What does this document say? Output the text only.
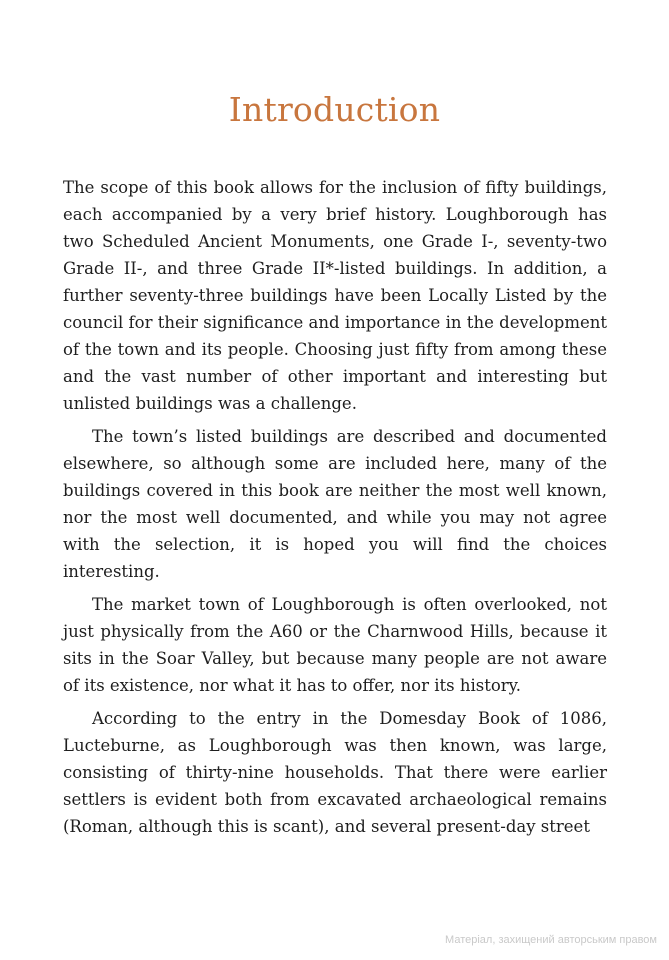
Introduction

The scope of this book allows for the inclusion of fifty buildings, each accompanied by a very brief history. Loughborough has two Scheduled Ancient Monuments, one Grade I-, seventy-two Grade II-, and three Grade II*-listed buildings. In addition, a further seventy-three buildings have been Locally Listed by the council for their significance and importance in the development of the town and its people. Choosing just fifty from among these and the vast number of other important and interesting but unlisted buildings was a challenge.

The town’s listed buildings are described and documented elsewhere, so although some are included here, many of the buildings covered in this book are neither the most well known, nor the most well documented, and while you may not agree with the selection, it is hoped you will find the choices interesting.

The market town of Loughborough is often overlooked, not just physically from the A60 or the Charnwood Hills, because it sits in the Soar Valley, but because many people are not aware of its existence, nor what it has to offer, nor its history.

According to the entry in the Domesday Book of 1086, Lucteburne, as Loughborough was then known, was large, consisting of thirty-nine households. That there were earlier settlers is evident both from excavated archaeological remains (Roman, although this is scant), and several present-day street

Матеріал, захищений авторським правом
